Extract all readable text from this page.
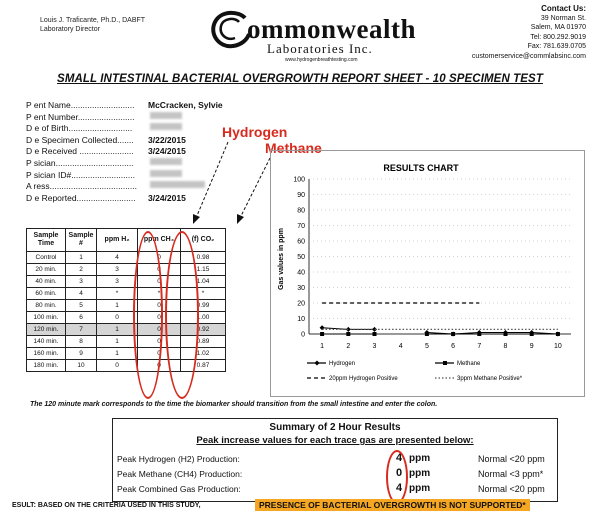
Louis J. Traficante, Ph.D., DABFT
Laboratory Director	ommonwealth
Laboratories Inc.
www.hydrogenbreathtesting.com
Contact Us:
39 Norman St.
Salem, MA 01970
Tel: 800.292.9019
Fax: 781.639.0705
customerservice@commlabsinc.com
SMALL INTESTINAL BACTERIAL OVERGROWTH REPORT SHEET - 10 SPECIMEN TEST
P ent Name...........................	McCracken, Sylvie
P ent Number........................
D e of Birth...........................
D e Specimen Collected.......	3/22/2015
D e Received .......................	3/24/2015
P sician.................................
P sician ID#...........................
A ress.....................................
D e Reported.........................	3/24/2015
Hydrogen
Methane
Sample Time	Sample #	ppm H₂	ppm CH₄	(f) CO₂
Control	1	4	0	0.98
20 min.	2	3	0	1.15
40 min.	3	3	0	1.04
60 min.	4	*	*	*
80 min.	5	1	0	0.99
100 min.	6	0	0	1.00
120 min.	7	1	0	0.92
140 min.	8	1	0	0.89
160 min.	9	1	0	1.02
180 min.	10	0	0	0.87
RESULTS CHART
Gas values in ppm
0
10
20
30
40
50
60
70
80
90
100
1	2	3	4	5	6	7	8	9	10
Hydrogen	Methane
20ppm Hydrogen Positive	3ppm Methane Positive*
The 120 minute mark corresponds to the time the biomarker should transition from the small intestine and enter the colon.
Summary of 2 Hour Results
Peak increase values for each trace gas are presented below:
Peak Hydrogen (H2) Production:	4 ppm	Normal <20 ppm
Peak Methane (CH4) Production:	0 ppm	Normal <3 ppm*
Peak Combined Gas Production:	4 ppm	Normal <20 ppm
ESULT: BASED ON THE CRITERIA USED IN THIS STUDY,	PRESENCE OF BACTERIAL OVERGROWTH IS NOT SUPPORTED*
